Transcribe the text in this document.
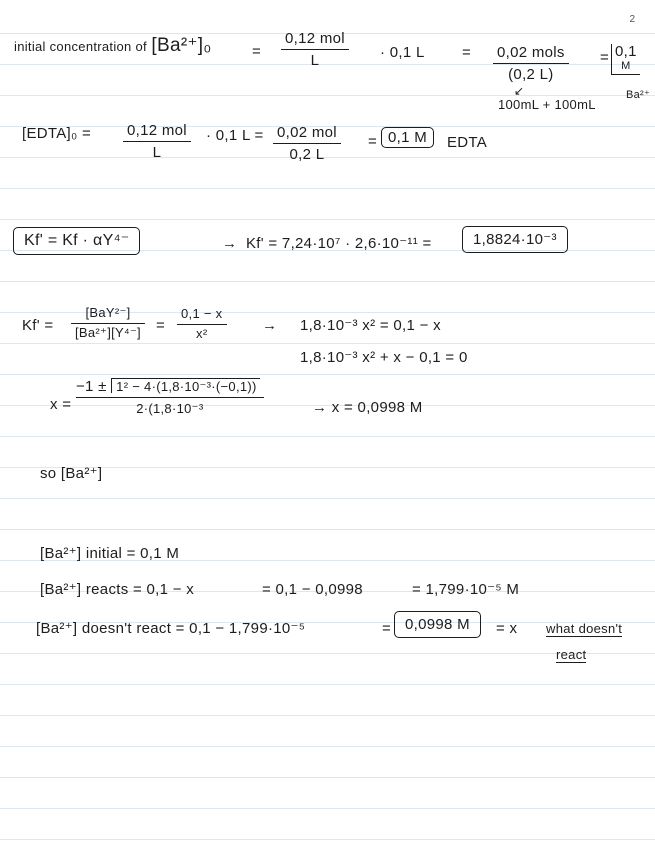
2
initial concentration of [Ba²⁺]₀	= $\frac{\text{0,12 mol}}{L} \cdot 0,1$ $L = \frac{\text{0,02 mols}}{(0,2 L)} = 0,1$
M
Ba²⁺
↙
100mL + 100mL
[EDTA]₀ = $\frac{\text{0,12 mol}}{L} \cdot 0,1$ $L = \frac{\text{0,02 mol}}{0,2 L} = 0,1$ M	EDTA
Kf' = Kf · αY⁴⁻	→ Kf' = 7,24·10⁷ · 2,6·10⁻¹¹ =	1,8824·10⁻³
$Kf' = \frac{\text{[BaY²⁻]}}{\text{[Ba²⁺][Y⁴⁻]}} = \frac{0,1 - x}{\text{x²}} \to 1,8\cdot 10^{-3}$ x² = 0,1 − x
1,8·10⁻³ x² + x − 0,1 = 0
x =
−1 ± 1² − 4·(1,8·10⁻³·(−0,1))
2·(1,8·10⁻³	→ x = 0,0998 M
so [Ba²⁺]
[Ba²⁺] initial = 0,1 M
[Ba²⁺] reacts = 0,1 − x	= 0,1 − 0,0998	= 1,799·10⁻⁵ M
[Ba²⁺] doesn't react = 0,1 − 1,799·10⁻⁵	= 0,0998 M	= x what doesn't
react
